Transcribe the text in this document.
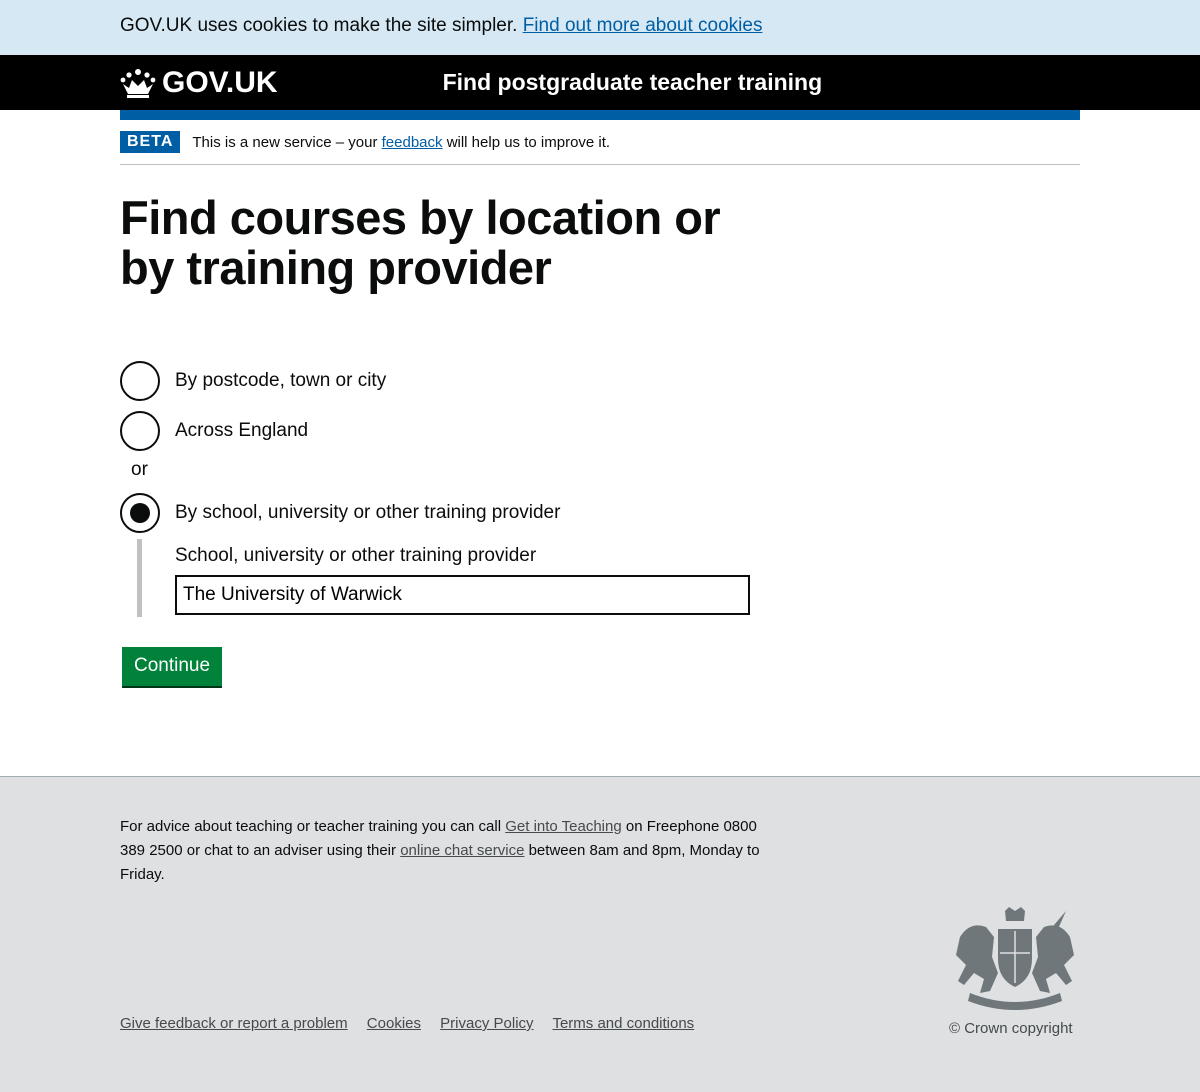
GOV.UK uses cookies to make the site simpler. Find out more about cookies
GOV.UK	Find postgraduate teacher training
BETA	This is a new service – your feedback will help us to improve it.
Find courses by location or by training provider
By postcode, town or city
Across England
or
By school, university or other training provider
School, university or other training provider
The University of Warwick
Continue
For advice about teaching or teacher training you can call Get into Teaching on Freephone 0800 389 2500 or chat to an adviser using their online chat service between 8am and 8pm, Monday to Friday.
Give feedback or report a problem Cookies Privacy Policy Terms and conditions	© Crown copyright
